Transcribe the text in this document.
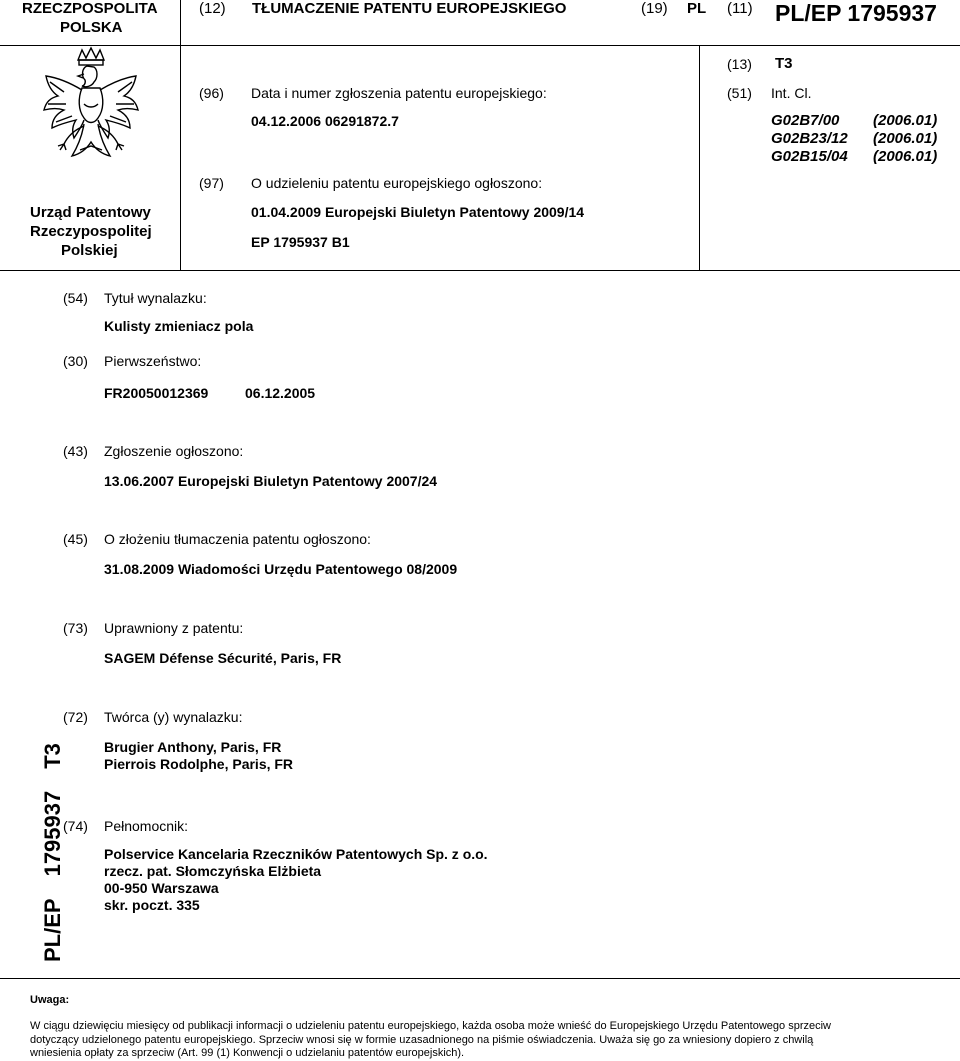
RZECZPOSPOLITA
POLSKA
(12) TŁUMACZENIE PATENTU EUROPEJSKIEGO	(19) PL (11) PL/EP 1795937
Urząd Patentowy
Rzeczypospolitej
Polskiej
(13) T3
(51) Int. Cl.
G02B7/00 (2006.01)
G02B23/12 (2006.01)
G02B15/04 (2006.01)
(96) Data i numer zgłoszenia patentu europejskiego:
04.12.2006 06291872.7
(97) O udzieleniu patentu europejskiego ogłoszono:
01.04.2009 Europejski Biuletyn Patentowy 2009/14
EP 1795937 B1
(54) Tytuł wynalazku:
Kulisty zmieniacz pola
(30) Pierwszeństwo:
FR20050012369	06.12.2005
(43) Zgłoszenie ogłoszono:
13.06.2007 Europejski Biuletyn Patentowy 2007/24
(45) O złożeniu tłumaczenia patentu ogłoszono:
31.08.2009 Wiadomości Urzędu Patentowego 08/2009
(73) Uprawniony z patentu:
SAGEM Défense Sécurité, Paris, FR
(72) Twórca (y) wynalazku:
Brugier Anthony, Paris, FR
Pierrois Rodolphe, Paris, FR
(74) Pełnomocnik:
Polservice Kancelaria Rzeczników Patentowych Sp. z o.o.
rzecz. pat. Słomczyńska Elżbieta
00-950 Warszawa
skr. poczt. 335
PL/EP1795937T3
Uwaga:
W ciągu dziewięciu miesięcy od publikacji informacji o udzieleniu patentu europejskiego, każda osoba może wnieść do Europejskiego Urzędu Patentowego sprzeciw
dotyczący udzielonego patentu europejskiego. Sprzeciw wnosi się w formie uzasadnionego na piśmie oświadczenia. Uważa się go za wniesiony dopiero z chwilą
wniesienia opłaty za sprzeciw (Art. 99 (1) Konwencji o udzielaniu patentów europejskich).
